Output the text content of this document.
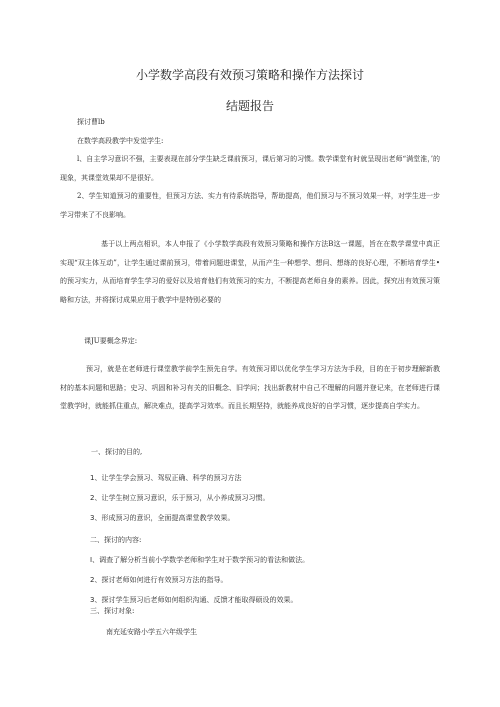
小学数学高段有效预习策略和操作方法探讨
结题报告

探讨曹lb

在数学高段教学中发觉学生:

l、自主学习意识不强，主要表现在部分学生缺乏课前预习，课后第习的习惯。数学课堂有时就呈现出老师“满堂淮，’的现象，其课堂效果却不是很好。

2、学生知道预习的重要性，但预习方法、实力有待系统指导，帮助提高，他们预习与不预习效果一样，对学生进一步学习带来了不良影响。

基于以上两点相识，本人申报了《小学数学高段有效预习策略和操作方法B这一课题，旨在在数学课堂中真正实现“双主体互动”，让学生通过课前预习，带着问题进课堂，从而产生一种想学、想问、想练的良好心理，不断培育学生•的预习实力，从而培育学生学习的爱好以及培育他们有效预习的实力，不断提高老师自身的素养。因此，探究出有效预习策略和方法，并将探讨成果应用于教学中是特别必要的

课JU要概念界定:

预习，就是在老师进行课堂教学前学生预先自学。有效预习即以优化学生学习方法为手段，目的在于初步理解新教材的基本问题和思路；史习、巩固和补习有关的旧概念、旧学问；找出新教材中自己不理解的问题并登记来，在老师进行课堂教学时，就能抓住重点，解决难点，提高学习效率。而且长期坚持，就能养成良好的自学习惯，逐步提高自学实力。

一、探讨的目的,

1、让学生学会预习、驾驭正确、科学的预习方法

2、让学生树立预习意识，乐于预习，从小养成预习习惯。

3、形成预习的意识，全面提高课堂教学效果。

二、探讨的内容:

I、调查了解分析当前小学数学老师和学生对于数学预习的看法和做法。

2、探讨老师如何进行有效预习方法的指导。

3、探讨学生预习后老师如何组织沟通、反馈才能取得硕设的效果。

三、探讨对象:

南充延安路小学五六年级学生
